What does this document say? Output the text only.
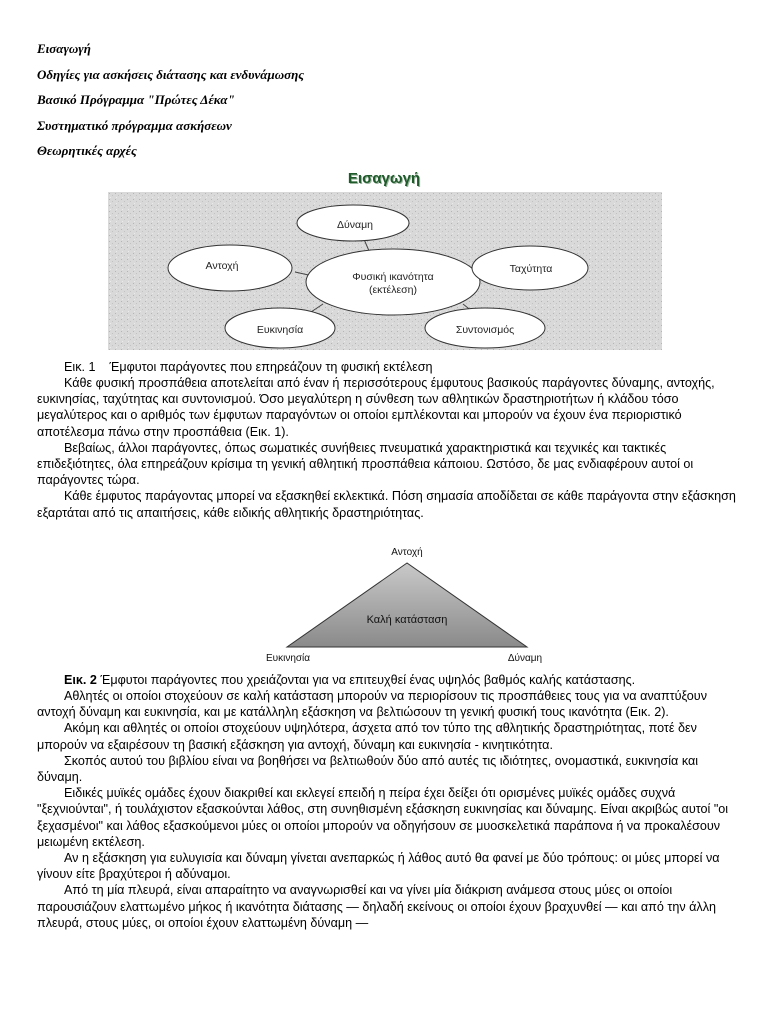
Εισαγωγή
Οδηγίες για ασκήσεις διάτασης και ενδυνάμωσης
Βασικό Πρόγραμμα "Πρώτες Δέκα"
Συστηματικό πρόγραμμα ασκήσεων
Θεωρητικές αρχές
Εισαγωγή
Φυσική ικανότητα
(εκτέλεση)
Δύναμη
Αντοχή	Ταχύτητα
Ευκινησία	Συντονισμός

Εικ. 1 Έμφυτοι παράγοντες που επηρεάζουν τη φυσική εκτέλεση

Κάθε φυσική προσπάθεια αποτελείται από έναν ή περισσότερους έμφυτους βασικούς παράγοντες δύναμης, αντοχής, ευκινησίας, ταχύτητας και συντονισμού. Όσο μεγαλύτερη η σύνθεση των αθλητικών δραστηριοτήτων ή κλάδου τόσο μεγαλύτερος και ο αριθμός των έμφυτων παραγόντων οι οποίοι εμπλέκονται και μπορούν να έχουν ένα περιοριστικό αποτέλεσμα πάνω στην προσπάθεια (Εικ. 1).

Βεβαίως, άλλοι παράγοντες, όπως σωματικές συνήθειες πνευματικά χαρακτηριστικά και τεχνικές και τακτικές επιδεξιότητες, όλα επηρεάζουν κρίσιμα τη γενική αθλητική προσπάθεια κάποιου. Ωστόσο, δε μας ενδιαφέρουν αυτοί οι παράγοντες τώρα.

Κάθε έμφυτος παράγοντας μπορεί να εξασκηθεί εκλεκτικά. Πόση σημασία αποδίδεται σε κάθε παράγοντα στην εξάσκηση εξαρτάται από τις απαιτήσεις, κάθε ειδικής αθλητικής δραστηριότητας.

Αντοχή
Καλή κατάσταση
Ευκινησία	Δύναμη

Εικ. 2 Έμφυτοι παράγοντες που χρειάζονται για να επιτευχθεί ένας υψηλός βαθμός καλής κατάστασης.

Αθλητές οι οποίοι στοχεύουν σε καλή κατάσταση μπορούν να περιορίσουν τις προσπάθειες τους για να αναπτύξουν αντοχή δύναμη και ευκινησία, και με κατάλληλη εξάσκηση να βελτιώσουν τη γενική φυσική τους ικανότητα (Εικ. 2).

Ακόμη και αθλητές οι οποίοι στοχεύουν υψηλότερα, άσχετα από τον τύπο της αθλητικής δραστηριότητας, ποτέ δεν μπορούν να εξαιρέσουν τη βασική εξάσκηση για αντοχή, δύναμη και ευκινησία - κινητικότητα.

Σκοπός αυτού του βιβλίου είναι να βοηθήσει να βελτιωθούν δύο από αυτές τις ιδιότητες, ονομαστικά, ευκινησία και δύναμη.

Ειδικές μυϊκές ομάδες έχουν διακριθεί και εκλεγεί επειδή η πείρα έχει δείξει ότι ορισμένες μυϊκές ομάδες συχνά "ξεχνιούνται", ή τουλάχιστον εξασκούνται λάθος, στη συνηθισμένη εξάσκηση ευκινησίας και δύναμης. Είναι ακριβώς αυτοί "οι ξεχασμένοι" και λάθος εξασκούμενοι μύες οι οποίοι μπορούν να οδηγήσουν σε μυοσκελετικά παράπονα ή να προκαλέσουν μειωμένη εκτέλεση.

Αν η εξάσκηση για ευλυγισία και δύναμη γίνεται ανεπαρκώς ή λάθος αυτό θα φανεί με δύο τρόπους: οι μύες μπορεί να γίνουν είτε βραχύτεροι ή αδύναμοι.

Από τη μία πλευρά, είναι απαραίτητο να αναγνωρισθεί και να γίνει μία διάκριση ανάμεσα στους μύες οι οποίοι παρουσιάζουν ελαττωμένο μήκος ή ικανότητα διάτασης — δηλαδή εκείνους οι οποίοι έχουν βραχυνθεί — και από την άλλη πλευρά, στους μύες, οι οποίοι έχουν ελαττωμένη δύναμη —
